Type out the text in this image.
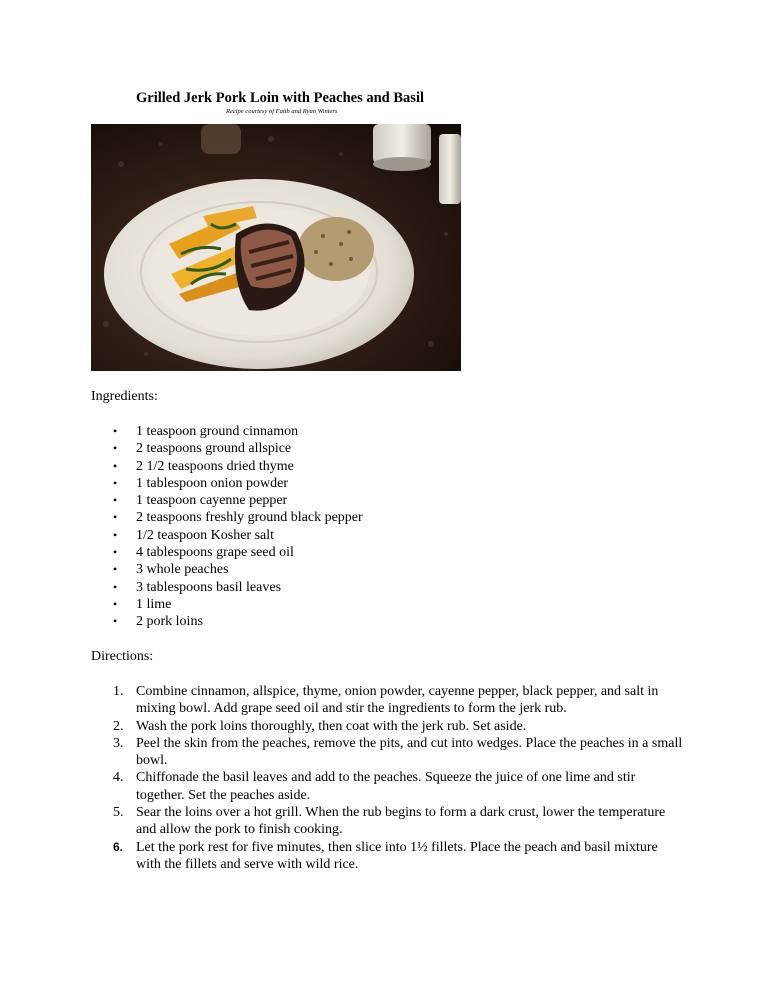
Grilled Jerk Pork Loin with Peaches and Basil
Recipe courtesy of Faith and Ryan Winters
Ingredients:
• 1 teaspoon ground cinnamon
• 2 teaspoons ground allspice
• 2 1/2 teaspoons dried thyme
• 1 tablespoon onion powder
• 1 teaspoon cayenne pepper
• 2 teaspoons freshly ground black pepper
• 1/2 teaspoon Kosher salt
• 4 tablespoons grape seed oil
• 3 whole peaches
• 3 tablespoons basil leaves
• 1 lime
• 2 pork loins
Directions:
1. Combine cinnamon, allspice, thyme, onion powder, cayenne pepper, black pepper, and salt in mixing bowl. Add grape seed oil and stir the ingredients to form the jerk rub.
2. Wash the pork loins thoroughly, then coat with the jerk rub. Set aside.
3. Peel the skin from the peaches, remove the pits, and cut into wedges. Place the peaches in a small bowl.
4. Chiffonade the basil leaves and add to the peaches. Squeeze the juice of one lime and stir together. Set the peaches aside.
5. Sear the loins over a hot grill. When the rub begins to form a dark crust, lower the temperature and allow the pork to finish cooking.
6. Let the pork rest for five minutes, then slice into 1½ fillets. Place the peach and basil mixture with the fillets and serve with wild rice.
